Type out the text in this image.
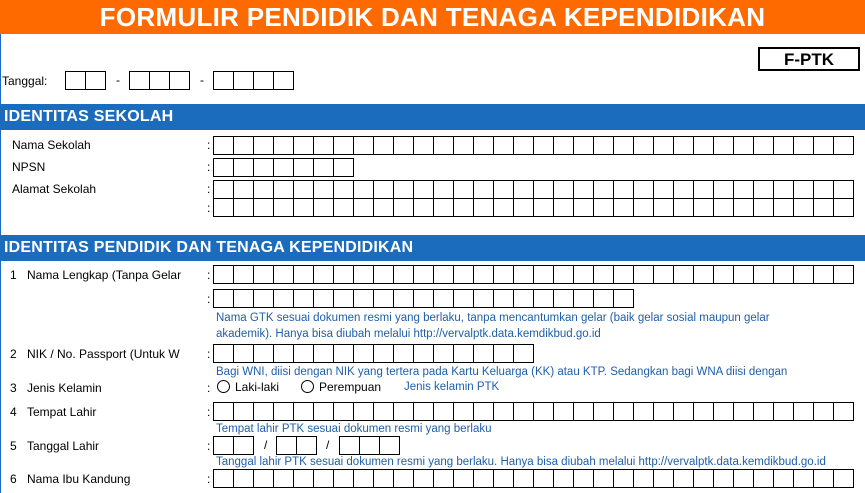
FORMULIR PENDIDIK DAN TENAGA KEPENDIDIKAN
F-PTK
Tanggal:	-	-
IDENTITAS SEKOLAH
Nama Sekolah	:
NPSN	:
Alamat Sekolah	:
:
IDENTITAS PENDIDIK DAN TENAGA KEPENDIDIKAN
1 Nama Lengkap (Tanpa Gelar	:
:
Nama GTK sesuai dokumen resmi yang berlaku, tanpa mencantumkan gelar (baik gelar sosial maupun gelar
akademik). Hanya bisa diubah melalui http://vervalptk.data.kemdikbud.go.id
2 NIK / No. Passport (Untuk W	:
Bagi WNI, diisi dengan NIK yang tertera pada Kartu Keluarga (KK) atau KTP. Sedangkan bagi WNA diisi dengan
3 Jenis Kelamin	:	Laki-laki	Perempuan Jenis kelamin PTK
4 Tempat Lahir	:
Tempat lahir PTK sesuai dokumen resmi yang berlaku
5 Tanggal Lahir	:	/	/
Tanggal lahir PTK sesuai dokumen resmi yang berlaku. Hanya bisa diubah melalui http://vervalptk.data.kemdikbud.go.id
6 Nama Ibu Kandung	:
